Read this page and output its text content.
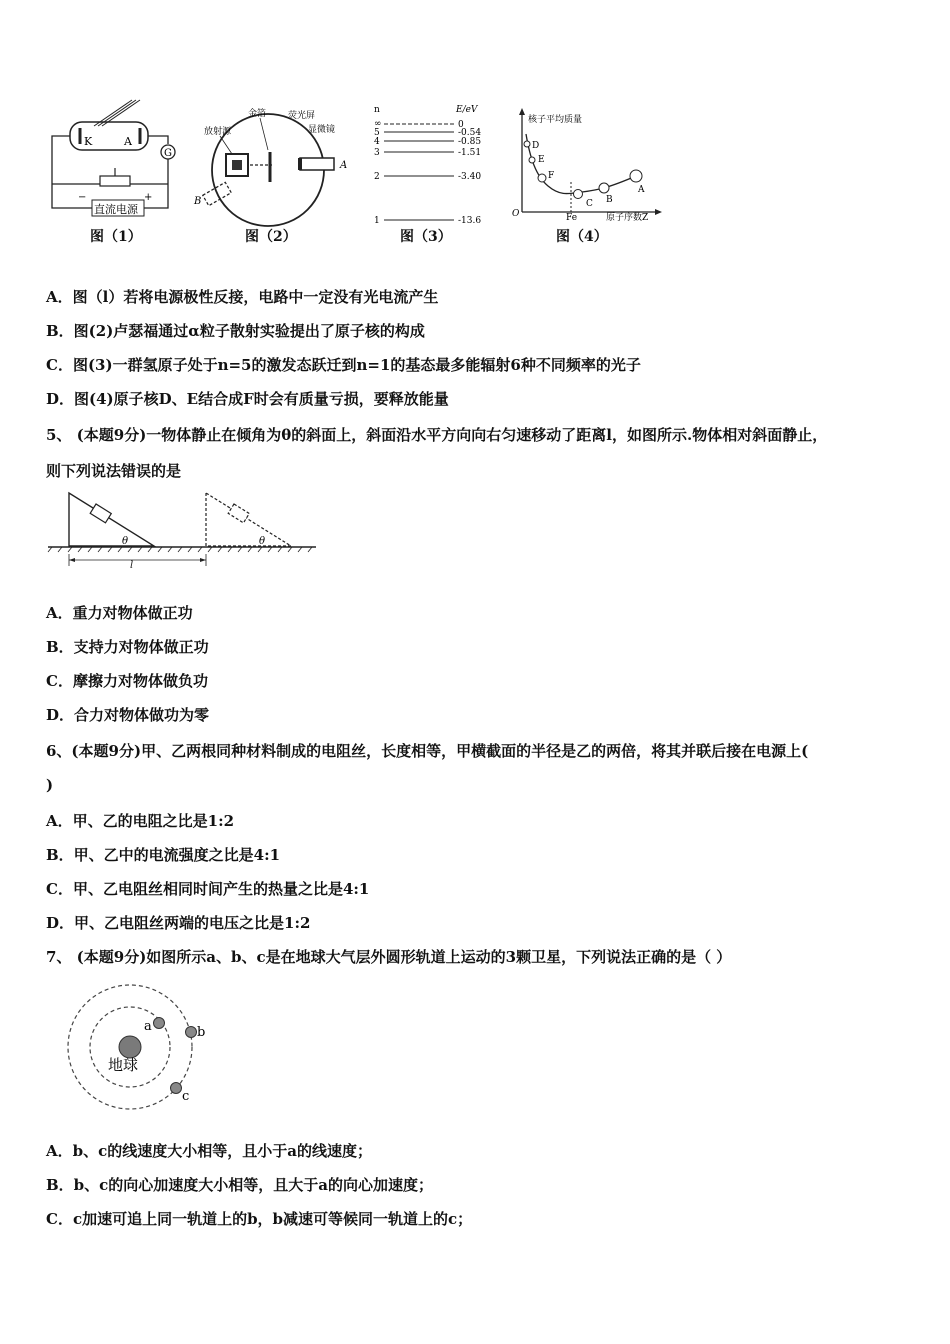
K	A
G
−	+
直流电源
图（1）
B
A
放射源
金箔 荧光屏
显微镜
图（2）
n	E/eV
∞	0
5	-0.54
4	-0.85
3	-1.51
2	-3.40
1	-13.6
图（3）
核子平均质量
原子序数Z
O	Fe
D
E
F
C B
A
图（4）
A．图（l）若将电源极性反接，电路中一定没有光电流产生
B．图(2)卢瑟福通过α粒子散射实验提出了原子核的构成
C．图(3)一群氢原子处于n=5的激发态跃迁到n=1的基态最多能辐射6种不同频率的光子
D．图(4)原子核D、E结合成F时会有质量亏损，要释放能量
5、 (本题9分)一物体静止在倾角为θ的斜面上，斜面沿水平方向向右匀速移动了距离l，如图所示.物体相对斜面静止，
则下列说法错误的是
θ	θ
l
A．重力对物体做正功
B．支持力对物体做正功
C．摩擦力对物体做负功
D．合力对物体做功为零
6、(本题9分)甲、乙两根同种材料制成的电阻丝，长度相等，甲横截面的半径是乙的两倍，将其并联后接在电源上(
)
A．甲、乙的电阻之比是1:2
B．甲、乙中的电流强度之比是4:1
C．甲、乙电阻丝相同时间产生的热量之比是4:1
D．甲、乙电阻丝两端的电压之比是1:2
7、 (本题9分)如图所示a、b、c是在地球大气层外圆形轨道上运动的3颗卫星，下列说法正确的是（ ）
地球
a	b
c
A．b、c的线速度大小相等，且小于a的线速度；
B．b、c的向心加速度大小相等，且大于a的向心加速度；
C．c加速可追上同一轨道上的b，b减速可等候同一轨道上的c；
